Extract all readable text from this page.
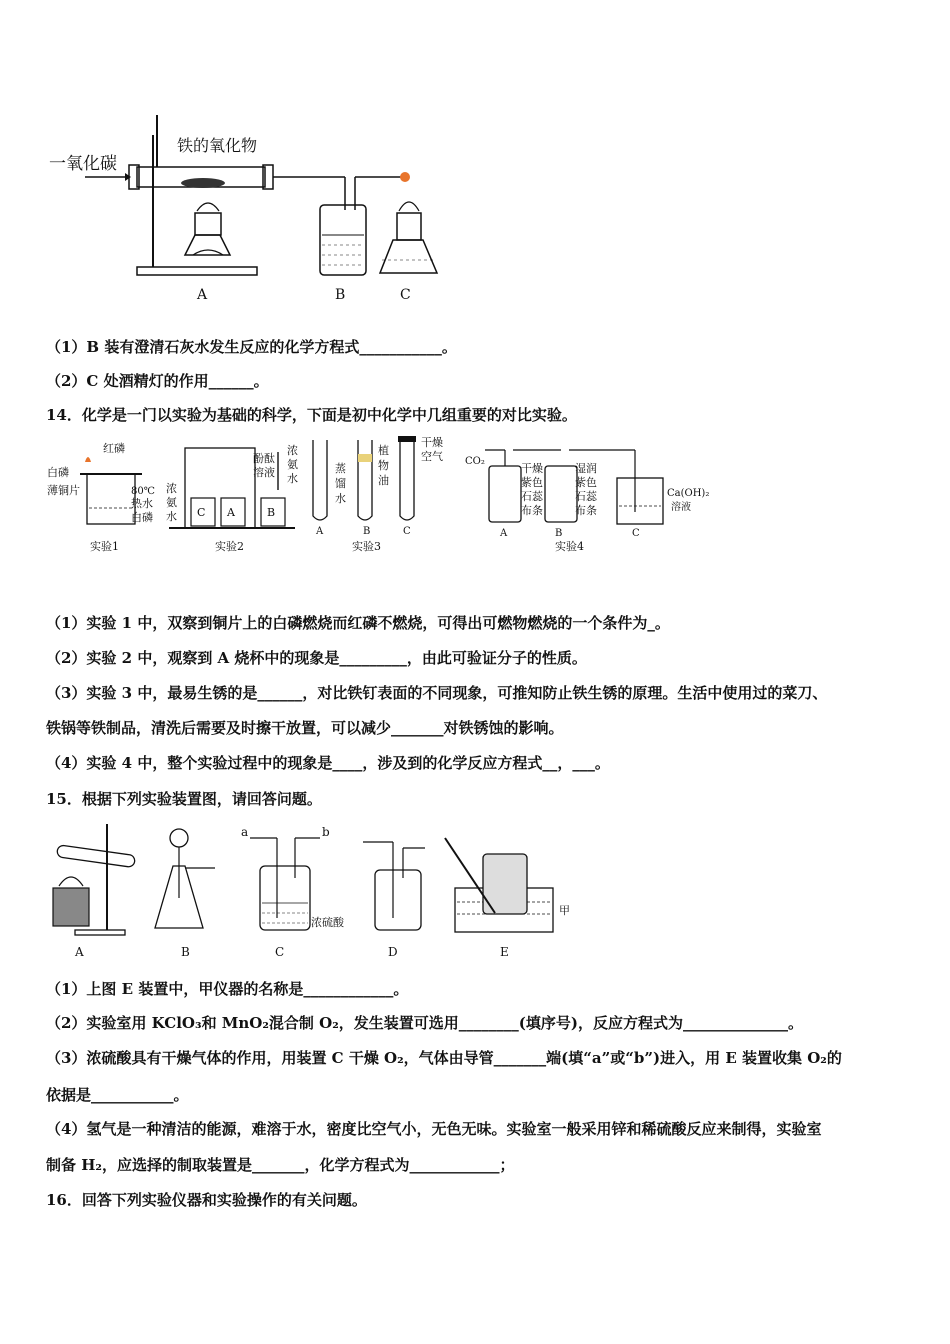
一氧化碳
铁的氧化物
A	B	C
（1）B 装有澄清石灰水发生反应的化学方程式___________。
（2）C 处酒精灯的作用______。
14．化学是一门以实验为基础的科学，下面是初中化学中几组重要的对比实验。
白磷
红磷
薄铜片	80℃
热水
白磷
实验1
C A	B
浓
氨
水
酚酞
溶液
浓
氨
水
实验2
蒸
馏
水
植
物
油
干燥
空气
A	B	C
实验3
CO₂
干燥
紫色
石蕊
布条
湿润
紫色
石蕊
布条
Ca(OH)₂
溶液
A	B	C
实验4
（1）实验 1 中，双察到铜片上的白磷燃烧而红磷不燃烧，可得出可燃物燃烧的一个条件为_。
（2）实验 2 中，观察到 A 烧杯中的现象是_________，由此可验证分子的性质。
（3）实验 3 中，最易生锈的是______，对比铁钉表面的不同现象，可推知防止铁生锈的原理。生活中使用过的菜刀、
铁锅等铁制品，清洗后需要及时擦干放置，可以减少_______对铁锈蚀的影响。
（4）实验 4 中，整个实验过程中的现象是____，涉及到的化学反应方程式__，___。
15．根据下列实验装置图，请回答问题。
A	B	C	D	E
a	b
浓硫酸
甲
（1）上图 E 装置中，甲仪器的名称是____________。
（2）实验室用 KClO₃和 MnO₂混合制 O₂，发生装置可选用________(填序号)，反应方程式为______________。
（3）浓硫酸具有干燥气体的作用，用装置 C 干燥 O₂，气体由导管_______端(填“a”或“b”)进入，用 E 装置收集 O₂的
依据是___________。
（4）氢气是一种清洁的能源，难溶于水，密度比空气小，无色无味。实验室一般采用锌和稀硫酸反应来制得，实验室
制备 H₂，应选择的制取装置是_______，化学方程式为____________；
16．回答下列实验仪器和实验操作的有关问题。
